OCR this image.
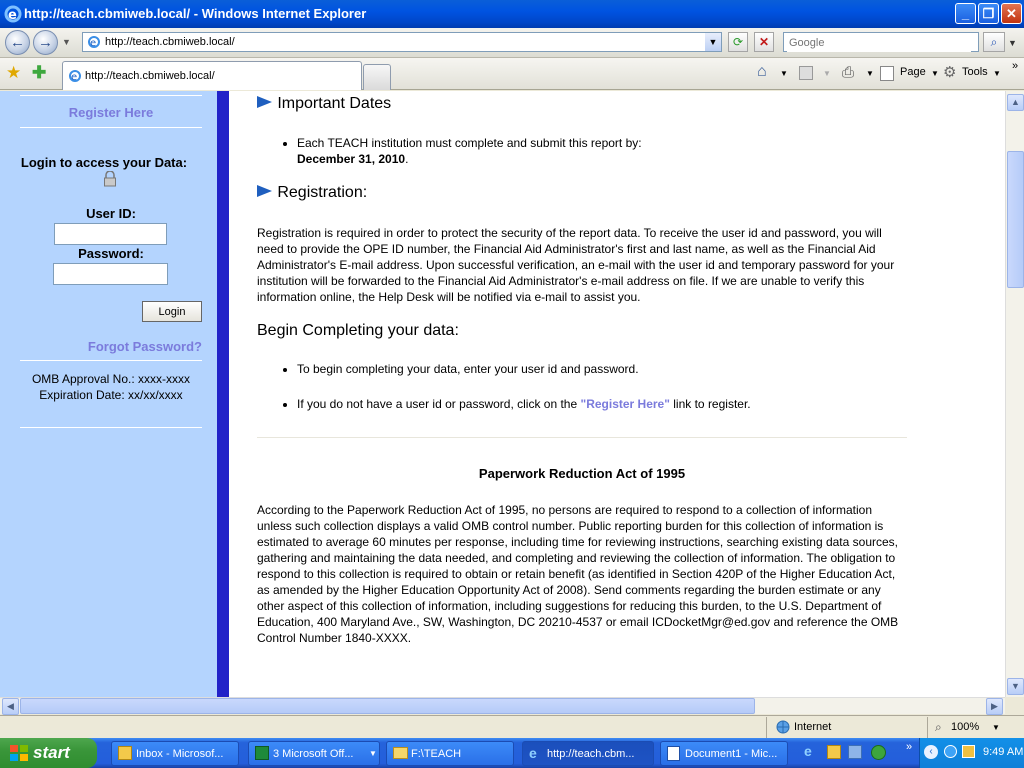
e http://teach.cbmiweb.local/ - Windows Internet Explorer	_	❐ ✕
← →	▼ e http://teach.cbmiweb.local/	▼	⟳	✕
Google	⌕	▼
★ ✚ e http://teach.cbmiweb.local/	⌂ ▼	▼ ⎙ ▼ Page ▼ ⚙ Tools ▼
»
Register Here
Login to access your Data:
User ID:
Password:
Login
Forgot Password?
OMB Approval No.: xxxx-xxxx
Expiration Date: xx/xx/xxxx
Important Dates
• Each TEACH institution must complete and submit this report by:
December 31, 2010.
Registration:
Registration is required in order to protect the security of the report data. To receive the user id and password, you will need to provide the OPE ID number, the Financial Aid Administrator's first and last name, as well as the Financial Aid Administrator's E-mail address. Upon successful verification, an e-mail with the user id and temporary password for your institution will be forwarded to the Financial Aid Administrator's e-mail address on file. If we are unable to verify this information online, the Help Desk will be notified via e-mail to assist you.
Begin Completing your data:
• To begin completing your data, enter your user id and password.
• If you do not have a user id or password, click on the "Register Here" link to register.
Paperwork Reduction Act of 1995
According to the Paperwork Reduction Act of 1995, no persons are required to respond to a collection of information unless such collection displays a valid OMB control number. Public reporting burden for this collection of information is estimated to average 60 minutes per response, including time for reviewing instructions, searching existing data sources, gathering and maintaining the data needed, and completing and reviewing the collection of information. The obligation to respond to this collection is required to obtain or retain benefit (as identified in Section 420P of the Higher Education Act, as amended by the Higher Education Opportunity Act of 2008). Send comments regarding the burden estimate or any other aspect of this collection of information, including suggestions for reducing this burden, to the U.S. Department of Education, 400 Maryland Ave., SW, Washington, DC 20210-4537 or email ICDocketMgr@ed.gov and reference the OMB Control Number 1840-XXXX.
▲
▼
◀	▶
Internet	⌕ 100% ▼
start	Inbox - Microsof...	3 Microsoft Off... ▼	F:\TEACH	e http://teach.cbm...	Document1 - Mic... e	»	‹	9:49 AM
